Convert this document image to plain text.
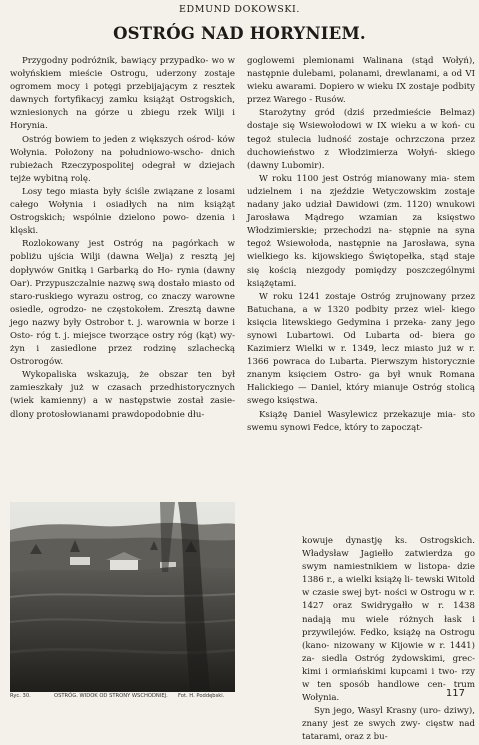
EDMUND DOKOWSKI.
OSTRÓG NAD HORYNIEM.

Przygodny podróżnik, bawiący przypadko- wo w wołyńskiem mieście Ostrogu, uderzony zostaje ogromem mocy i potęgi przebijającym z resztek dawnych fortyfikacyj zamku książąt Ostrogskich, wzniesionych na górze u zbiegu rzek Wilji i Horynia.

Ostróg bowiem to jeden z większych ośrod- ków Wołynia. Położony na południowo-wscho- dnich rubieżach Rzeczypospolitej odegrał w dziejach tejże wybitną rolę.

Losy tego miasta były ściśle związane z losami całego Wołynia i osiadłych na nim książąt Ostrogskich; wspólnie dzielono powo- dzenia i klęski.

Rozlokowany jest Ostróg na pagórkach w pobliżu ujścia Wilji (dawna Welja) z resztą jej dopływów Gnitką i Garbarką do Ho- rynia (dawny Oar). Przypuszczalnie nazwę swą dostało miasto od staro-ruskiego wyrazu ostrog, co znaczy warowne osiedle, ogrodzo- ne częstokołem. Zresztą dawne jego nazwy były Ostrobor t. j. warownia w borze i Osto- róg t. j. miejsce tworzące ostry róg (kąt) wy- żyn i zasiedlone przez rodzinę szlachecką Ostrorogów.

Wykopaliska wskazują, że obszar ten był zamieszkały już w czasach przedhistorycznych (wiek kamienny) a w następstwie został zasie- dlony protosłowianami prawdopodobnie dłu-

goglowemi plemionami Walinana (stąd Wołyń), następnie dulebami, polanami, drewlanami, a od VI wieku awarami. Dopiero w wieku IX zostaje podbity przez Warego - Rusów.

Starożytny gród (dziś przedmieście Belmaz) dostaje się Wsiewołodowi w IX wieku a w koń- cu tegoż stulecia ludność zostaje ochrzczona przez duchowieństwo z Włodzimierza Wołyń- skiego (dawny Lubomir).

W roku 1100 jest Ostróg mianowany mia- stem udzielnem i na zjeździe Wetyczowskim zostaje nadany jako udział Dawidowi (zm. 1120) wnukowi Jarosława Mądrego wzamian za księstwo Włodzimierskie; przechodzi na- stępnie na syna tegoż Wsiewołoda, następnie na Jarosława, syna wielkiego ks. kijowskiego Świętopełka, stąd staje się kością niezgody pomiędzy poszczególnymi książętami.

W roku 1241 zostaje Ostróg zrujnowany przez Batuchana, a w 1320 podbity przez wiel- kiego księcia litewskiego Gedymina i przeka- zany jego synowi Lubartowi. Od Lubarta od- biera go Kazimierz Wielki w r. 1349, lecz miasto już w r. 1366 powraca do Lubarta. Pierwszym historycznie znanym księciem Ostro- ga był wnuk Romana Halickiego — Daniel, który mianuje Ostróg stolicą swego księstwa.

Książę Daniel Wasylewicz przekazuje mia- sto swemu synowi Fedce, który to zapocząt-

kowuje dynastję ks. Ostrogskich. Władysław Jagiełło zatwierdza go swym namiestnikiem w listopa- dzie 1386 r., a wielki książę li- tewski Witold w czasie swej byt- ności w Ostrogu w r. 1427 oraz Swidrygałło w r. 1438 nadają mu wiele różnych łask i przywilejów. Fedko, książę na Ostrogu (kano- nizowany w Kijowie w r. 1441) za- siedla Ostróg żydowskimi, grec- kimi i ormiańskimi kupcami i two- rzy w ten sposób handlowe cen- trum Wołynia.

Syn jego, Wasyl Krasny (uro- dziwy), znany jest ze swych zwy- cięstw nad tatarami, oraz z bu-

Ryc. 30.	OSTRÓG. WIDOK OD STRONY WSCHODNIEJ. Fot. H. Poddębski.	117
